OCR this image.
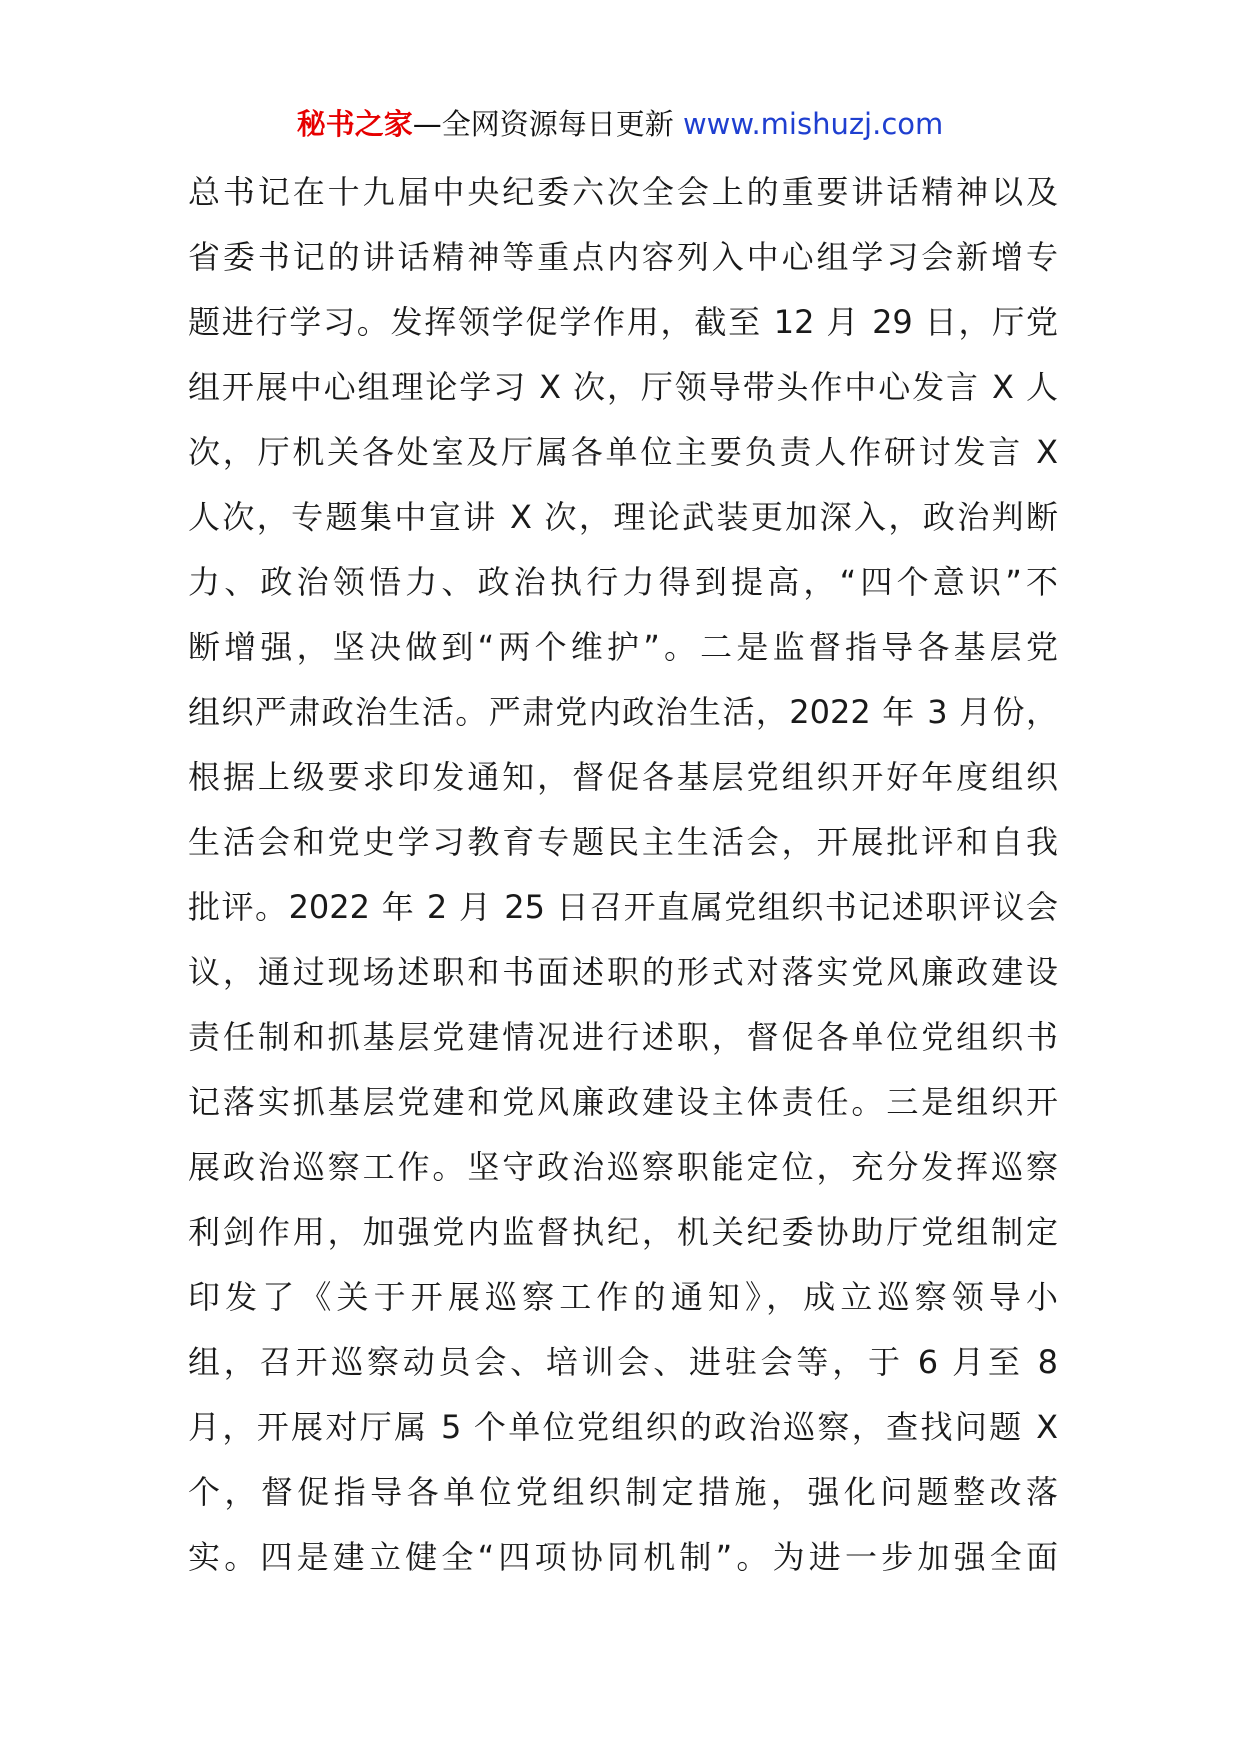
秘书之家—全网资源每日更新 www.mishuzj.com
总书记在十九届中央纪委六次全会上的重要讲话精神以及
省委书记的讲话精神等重点内容列入中心组学习会新增专
题进行学习。发挥领学促学作用，截至 12 月 29 日，厅党
组开展中心组理论学习 X 次，厅领导带头作中心发言 X 人
次，厅机关各处室及厅属各单位主要负责人作研讨发言 X
人次，专题集中宣讲 X 次，理论武装更加深入，政治判断
力、政治领悟力、政治执行力得到提高，“四个意识”不
断增强，坚决做到“两个维护”。二是监督指导各基层党
组织严肃政治生活。严肃党内政治生活，2022 年 3 月份，
根据上级要求印发通知，督促各基层党组织开好年度组织
生活会和党史学习教育专题民主生活会，开展批评和自我
批评。2022 年 2 月 25 日召开直属党组织书记述职评议会
议，通过现场述职和书面述职的形式对落实党风廉政建设
责任制和抓基层党建情况进行述职，督促各单位党组织书
记落实抓基层党建和党风廉政建设主体责任。三是组织开
展政治巡察工作。坚守政治巡察职能定位，充分发挥巡察
利剑作用，加强党内监督执纪，机关纪委协助厅党组制定
印发了《关于开展巡察工作的通知》，成立巡察领导小
组，召开巡察动员会、培训会、进驻会等，于 6 月至 8
月，开展对厅属 5 个单位党组织的政治巡察，查找问题 X
个，督促指导各单位党组织制定措施，强化问题整改落
实。四是建立健全“四项协同机制”。为进一步加强全面
